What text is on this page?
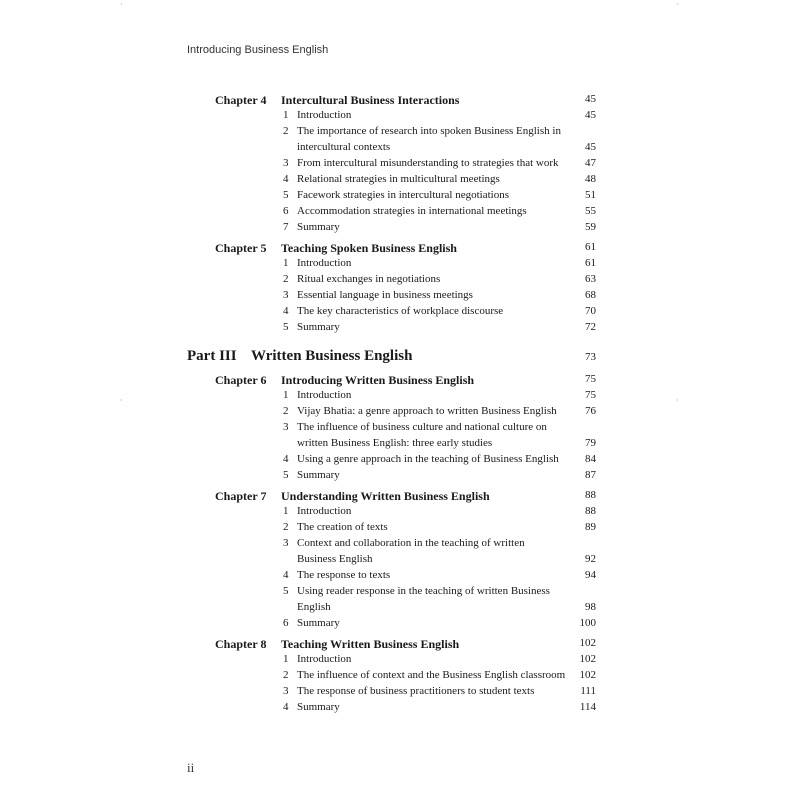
·	·
·	·
Introducing Business English
Chapter 4 Intercultural Business Interactions	45
1 Introduction	45
2 The importance of research into spoken Business English in
intercultural contexts	45
3 From intercultural misunderstanding to strategies that work	47
4 Relational strategies in multicultural meetings	48
5 Facework strategies in intercultural negotiations	51
6 Accommodation strategies in international meetings	55
7 Summary	59
Chapter 5 Teaching Spoken Business English	61
1 Introduction	61
2 Ritual exchanges in negotiations	63
3 Essential language in business meetings	68
4 The key characteristics of workplace discourse	70
5 Summary	72
Part III Written Business English	73
Chapter 6 Introducing Written Business English	75
1 Introduction	75
2 Vijay Bhatia: a genre approach to written Business English	76
3 The influence of business culture and national culture on
written Business English: three early studies	79
4 Using a genre approach in the teaching of Business English	84
5 Summary	87
Chapter 7 Understanding Written Business English	88
1 Introduction	88
2 The creation of texts	89
3 Context and collaboration in the teaching of written
Business English	92
4 The response to texts	94
5 Using reader response in the teaching of written Business
English	98
6 Summary	100
Chapter 8 Teaching Written Business English	102
1 Introduction	102
2 The influence of context and the Business English classroom	102
3 The response of business practitioners to student texts	111
4 Summary	114
ii
